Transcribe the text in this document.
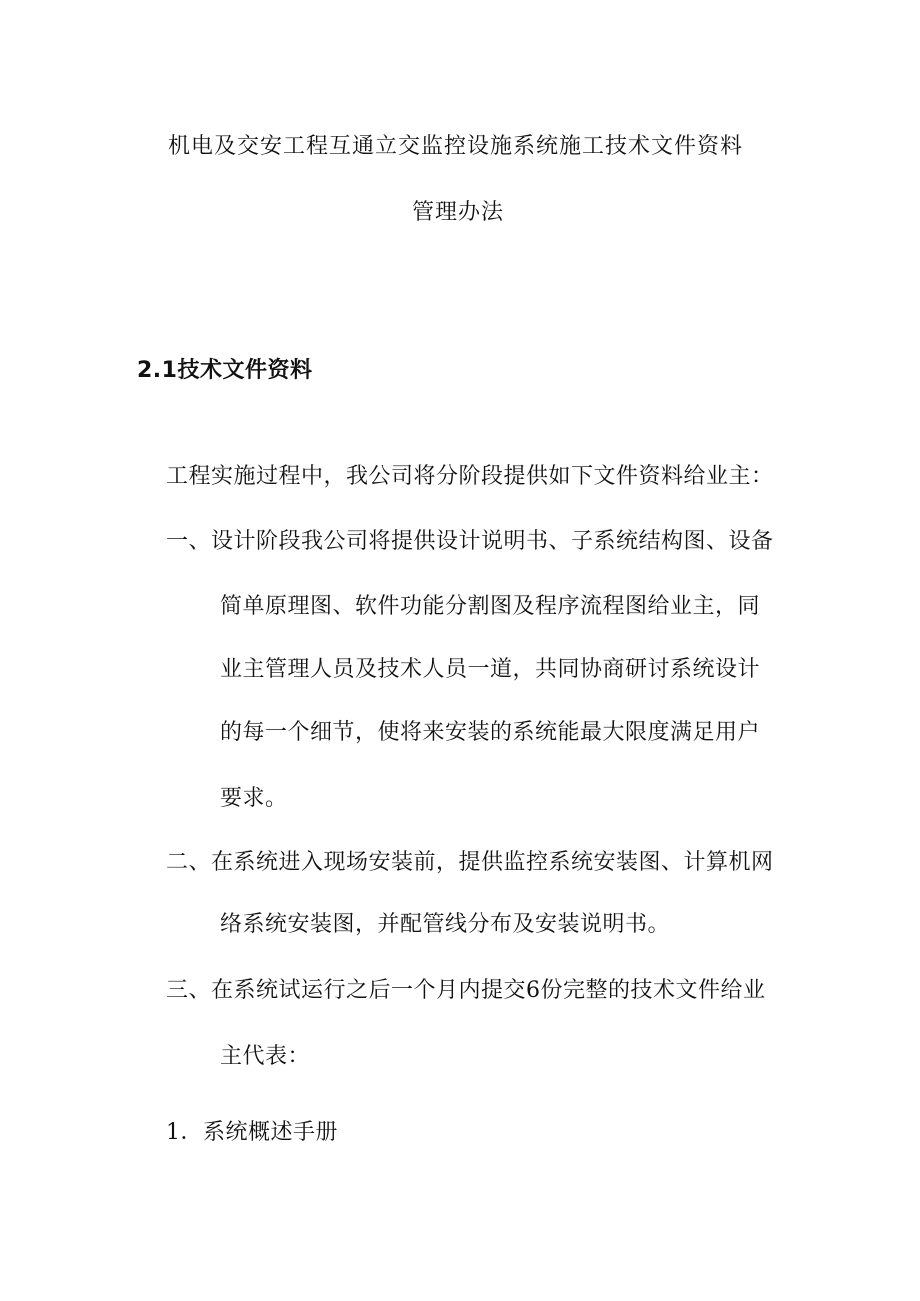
机电及交安工程互通立交监控设施系统施工技术文件资料
管理办法
2.1技术文件资料
工程实施过程中，我公司将分阶段提供如下文件资料给业主：
一、设计阶段我公司将提供设计说明书、子系统结构图、设备
简单原理图、软件功能分割图及程序流程图给业主，同
业主管理人员及技术人员一道，共同协商研讨系统设计
的每一个细节，使将来安装的系统能最大限度满足用户
要求。
二、在系统进入现场安装前，提供监控系统安装图、计算机网
络系统安装图，并配管线分布及安装说明书。
三、在系统试运行之后一个月内提交6份完整的技术文件给业
主代表：
1．系统概述手册
